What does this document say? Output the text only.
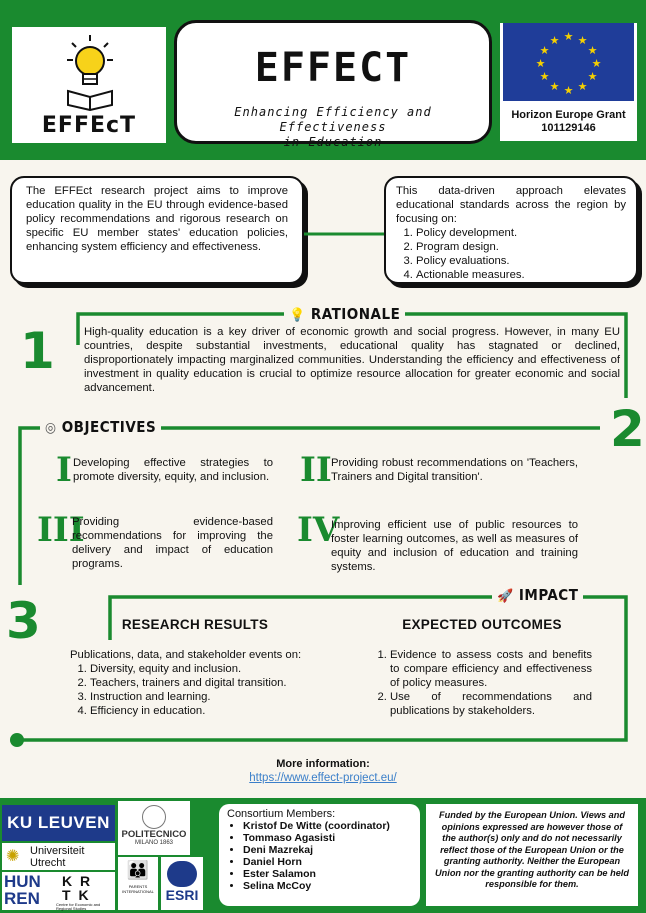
EFFEcT
EFFECT
Enhancing Efficiency and Effectiveness
in Education
★ ★
★
★
★
★
★
★
★
★
★
★
Horizon Europe Grant
101129146
The EFFEct research project aims to improve education quality in the EU through evidence-based policy recommendations and rigorous research on specific EU member states' education policies, enhancing system efficiency and effectiveness.
This data-driven approach elevates educational standards across the region by focusing on:
1. Policy development.
2. Program design.
3. Policy evaluations.
4. Actionable measures.
1
💡 RATIONALE
High-quality education is a key driver of economic growth and social progress. However, in many EU countries, despite substantial investments, educational quality has stagnated or declined, disproportionately impacting marginalized communities. Understanding the efficiency and effectiveness of investment in quality education is crucial to optimize resource allocation for greater economic and social advancement.
2
◎ OBJECTIVES
I Developing effective strategies to promote diversity, equity, and inclusion. II Providing robust recommendations on 'Teachers, Trainers and Digital transition'.
III
Providing evidence-based recommendations for improving the delivery and impact of education programs.
IV
Improving efficient use of public resources to foster learning outcomes, as well as measures of equity and inclusion of education and training systems.
3	🚀 IMPACT
RESEARCH RESULTS
Publications, data, and stakeholder events on:
1. Diversity, equity and inclusion.
2. Teachers, trainers and digital transition.
3. Instruction and learning.
4. Efficiency in education.
EXPECTED OUTCOMES
1. Evidence to assess costs and benefits to compare efficiency and effectiveness of policy measures.
2. Use of recommendations and publications by stakeholders.
More information:
https://www.effect-project.eu/
KU LEUVEN
POLITECNICO
MILANO 1863
✺ Universiteit
Utrecht
HUN
REN
K R
T K
Centre for Economic and Regional Studies
👪
PARENTS INTERNATIONAL ESRI
Consortium Members:
• Kristof De Witte (coordinator)
• Tommaso Agasisti
• Deni Mazrekaj
• Daniel Horn
• Ester Salamon
• Selina McCoy
Funded by the European Union. Views and opinions expressed are however those of the author(s) only and do not necessarily reflect those of the European Union or the granting authority. Neither the European Union nor the granting authority can be held responsible for them.
